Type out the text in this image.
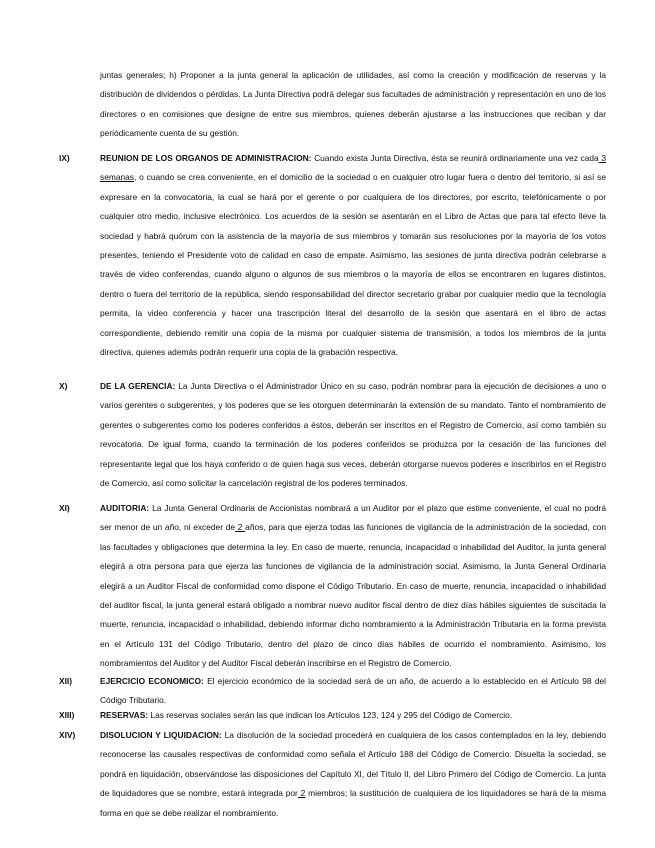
juntas generales; h) Proponer a la junta general la aplicación de utilidades, así como la creación y modificación de reservas y la distribución de dividendos o pérdidas. La Junta Directiva podrá delegar sus facultades de administración y representación en uno de los directores o en comisiones que designe de entre sus miembros, quienes deberán ajustarse a las instrucciones que reciban y dar periódicamente cuenta de su gestión.
IX)	REUNION DE LOS ORGANOS DE ADMINISTRACION: Cuando exista Junta Directiva, ésta se reunirá ordinariamente una vez cada 3 semanas, o cuando se crea conveniente, en el domicilio de la sociedad o en cualquier otro lugar fuera o dentro del territorio, si así se expresare en la convocatoria, la cual se hará por el gerente o por cualquiera de los directores, por escrito, telefónicamente o por cualquier otro medio, inclusive electrónico. Los acuerdos de la sesión se asentarán en el Libro de Actas que para tal efecto lleve la sociedad y habrá quórum con la asistencia de la mayoría de sus miembros y tomarán sus resoluciones por la mayoría de los votos presentes, teniendo el Presidente voto de calidad en caso de empate. Asimismo, las sesiones de junta directiva podrán celebrarse a través de video conferendas, cuando alguno o algunos de sus miembros o la mayoría de ellos se encontraren en lugares distintos, dentro o fuera del territorio de la república, siendo responsabilidad del director secretario grabar por cualquier medio que la tecnología permita, la video conferencia y hacer una trascripción literal del desarrollo de la sesión que asentará en el libro de actas correspondiente, debiendo remitir una copia de la misma por cualquier sistema de transmisión, a todos los miembros de la junta directiva, quienes además podrán requerir una copia de la grabación respectiva.
X)	DE LA GERENCIA: La Junta Directiva o el Administrador Único en su caso, podrán nombrar para la ejecución de decisiones a uno o varios gerentes o subgerentes, y los poderes que se les otorguen determinarán la extensión de su mandato. Tanto el nombramiento de gerentes o subgerentes como los poderes conferidos a éstos, deberán ser inscritos en el Registro de Comercio, así como también su revocatoria. De igual forma, cuando la terminación de los poderes conferidos se produzca por la cesación de las funciones del representante legal que los haya conferido o de quien haga sus veces, deberán otorgarse nuevos poderes e inscribirlos en el Registro de Comercio, así como solicitar la cancelación registral de los poderes terminados.
XI)	AUDITORIA: La Junta General Ordinaria de Accionistas nombrará a un Auditor por el plazo que estime conveniente, el cual no podrá ser menor de un año, ni exceder de 2 años, para que ejerza todas las funciones de vigilancia de la administración de la sociedad, con las facultades y obligaciones que determina la ley. En caso de muerte, renuncia, incapacidad o inhabilidad del Auditor, la junta general elegirá a otra persona para que ejerza las funciones de vigilancia de la administración social. Asimismo, la Junta General Ordinaria elegirá a un Auditor Fiscal de conformidad como dispone el Código Tributario. En caso de muerte, renuncia, incapacidad o inhabilidad del auditor fiscal, la junta general estará obligado a nombrar nuevo auditor fiscal dentro de diez días hábiles siguientes de suscitada la muerte, renuncia, incapacidad o inhabilidad, debiendo informar dicho nombramiento a la Administración Tributaria en la forma prevista en el Artículo 131 del Código Tributario, dentro del plazo de cinco días hábiles de ocurrido el nombramiento. Asimismo, los nombramientos del Auditor y del Auditor Fiscal deberán inscribirse en el Registro de Comercio.
XII)	EJERCICIO ECONOMICO: El ejercicio económico de la sociedad será de un año, de acuerdo a lo establecido en el Artículo 98 del Código Tributario.
XIII)	RESERVAS: Las reservas sociales serán las que indican los Artículos 123, 124 y 295 del Código de Comercio.
XIV)	DISOLUCION Y LIQUIDACION: La disolución de la sociedad procederá en cualquiera de los casos contemplados en la ley, debiendo reconocerse las causales respectivas de conformidad como señala el Artículo 188 del Código de Comercio. Disuelta la sociedad, se pondrá en liquidación, observándose las disposiciones del Capítulo XI, del Título II, del Libro Primero del Código de Comercio. La junta de liquidadores que se nombre, estará integrada por 2 miembros; la sustitución de cualquiera de los liquidadores se hará de la misma forma en que se debe realizar el nombramiento.
